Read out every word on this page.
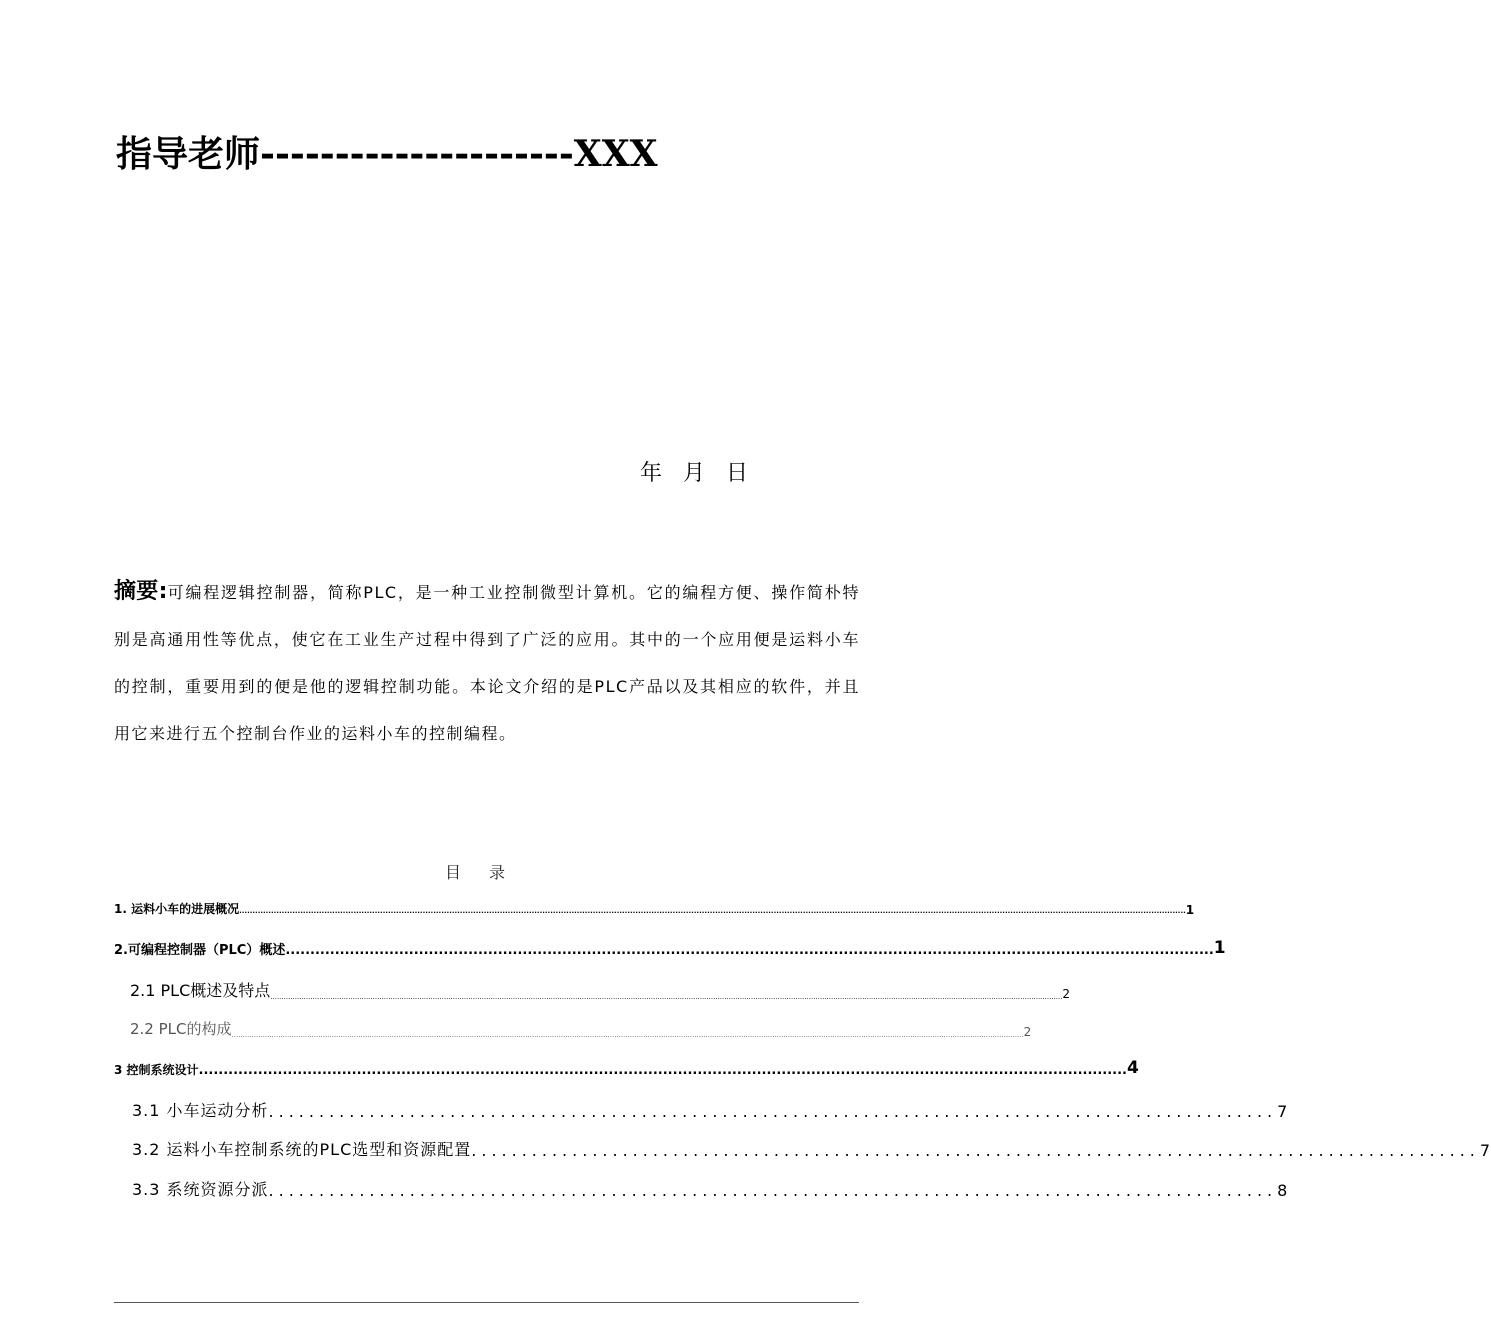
指导老师---------------------XXX
年 月 日
摘要:可编程逻辑控制器，简称PLC，是一种工业控制微型计算机。它的编程方便、操作简朴特别是高通用性等优点，使它在工业生产过程中得到了广泛的应用。其中的一个应用便是运料小车的控制，重要用到的便是他的逻辑控制功能。本论文介绍的是PLC产品以及其相应的软件，并且用它来进行五个控制台作业的运料小车的控制编程。
目 录
1. 运料小车的进展概况 .................................................................................................................................................................................................................................................................................................................................................................... 1
2.可编程控制器（PLC）概述 ............................................................................................................................................................................................ 1
2.1 PLC概述及特点 .................................................................................................................................................................................................................................................................................................................................................................... 2
2.2 PLC的构成 .................................................................................................................................................................................................................................................................................................................................................................... 2
3 控制系统设计 ............................................................................................................................................................................................ 4
3.1 小车运动分析 .................................................................................................... 7
3.2 运料小车控制系统的PLC选型和资源配置 .................................................................................................... 7
3.3 系统资源分派 .................................................................................................... 8
